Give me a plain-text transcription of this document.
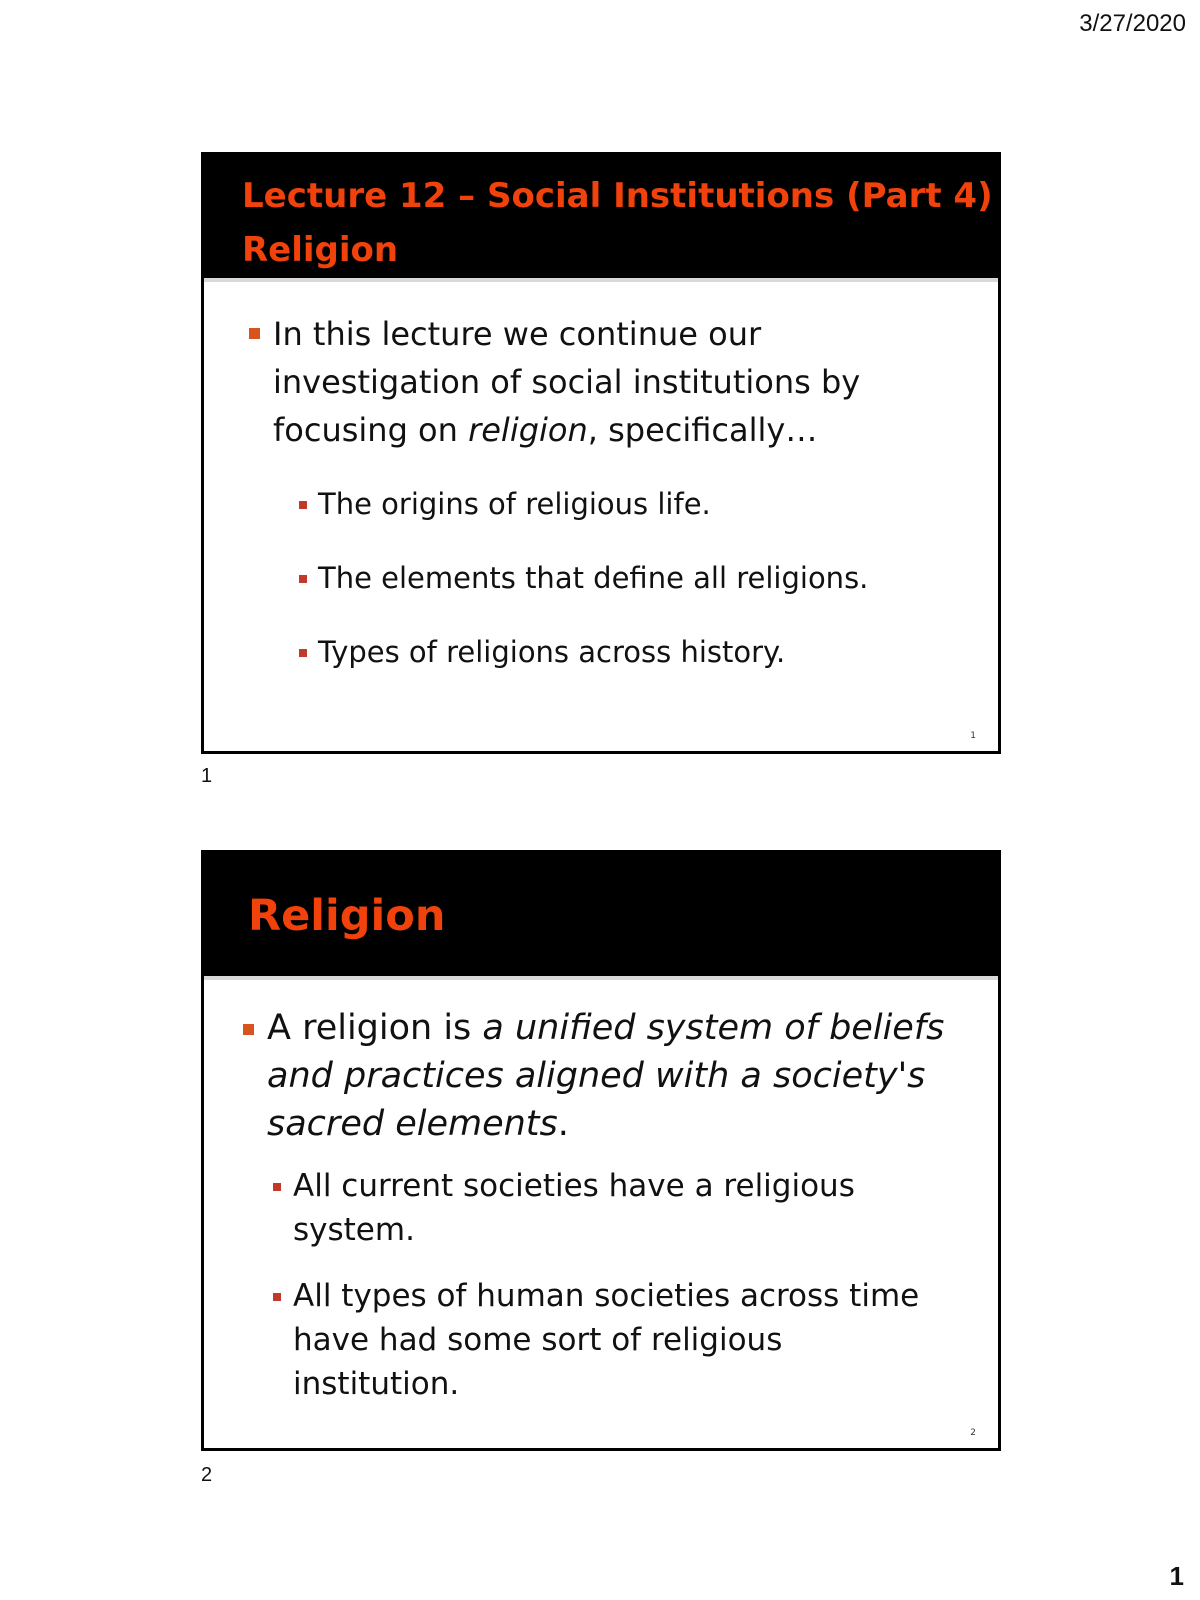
3/27/2020
Lecture 12 – Social Institutions (Part 4)
Religion
In this lecture we continue our investigation of social institutions by focusing on religion, specifically…
The origins of religious life.
The elements that define all religions.
Types of religions across history.
1
1
Religion
A religion is a unified system of beliefs and practices aligned with a society's sacred elements.
All current societies have a religious system.
All types of human societies across time have had some sort of religious institution.
2
2
1
